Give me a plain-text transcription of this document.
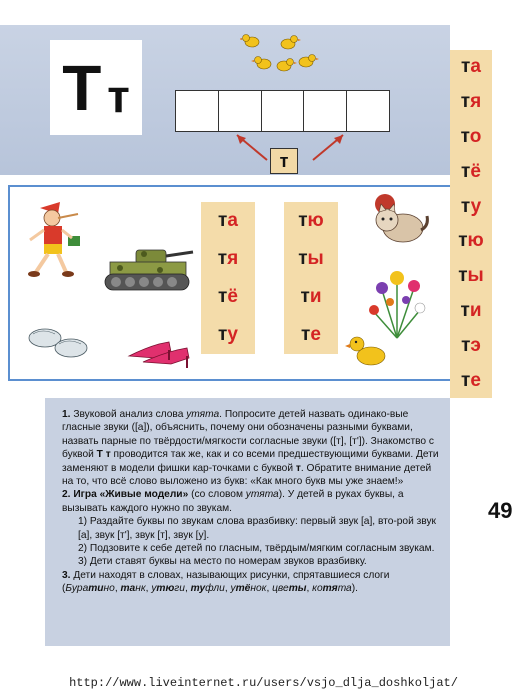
Т т
т
т а
т я
т ё
т у
т ю
т ы
т и
т е
та
тя
то
тё
ту
тю
ты
ти
тэ
те
49

1. Звуковой анализ слова утята. Попросите детей назвать одинако-вые гласные звуки ([а]), объяснить, почему они обозначены разными буквами, назвать парные по твёрдости/мягкости согласные звуки ([т], [т']). Знакомство с буквой Т т проводится так же, как и со всеми предшествующими буквами. Дети заменяют в модели фишки кар-точками с буквой т. Обратите внимание детей на то, что всё слово выложено из букв: «Как много букв мы уже знаем!»

2. Игра «Живые модели» (со словом утята). У детей в руках буквы, а вызывать каждого нужно по звукам.

1) Раздайте буквы по звукам слова вразбивку: первый звук [а], вто-рой звук [а], звук [т'], звук [т], звук [у].

2) Подзовите к себе детей по гласным, твёрдым/мягким согласным звукам.

3) Дети ставят буквы на место по номерам звуков вразбивку.

3. Дети находят в словах, называющих рисунки, спрятавшиеся слоги (Буратино, танк, утюги, туфли, утёнок, цветы, котята).

http://www.liveinternet.ru/users/vsjo_dlja_doshkoljat/
